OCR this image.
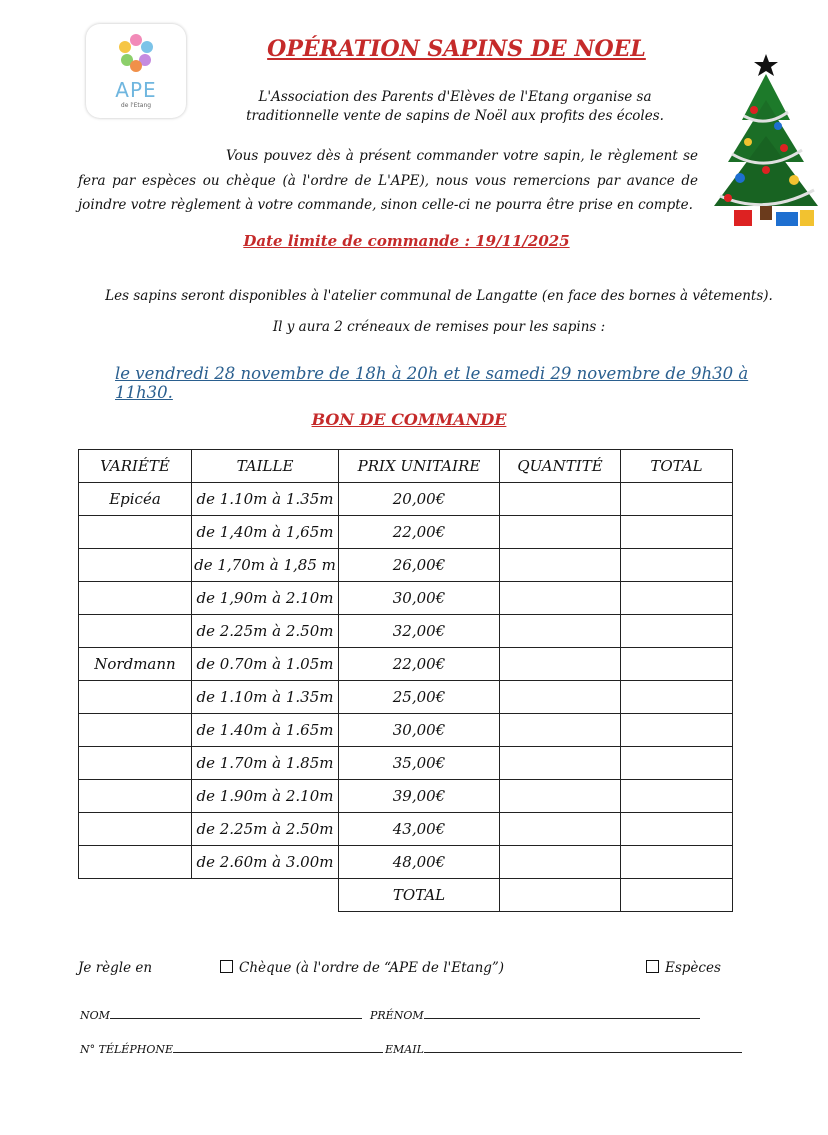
APE
de l'Etang
OPÉRATION SAPINS DE NOEL
L'Association des Parents d'Elèves de l'Etang organise sa traditionnelle vente de sapins de Noël aux profits des écoles.
Vous pouvez dès à présent commander votre sapin, le règlement se fera par espèces ou chèque (à l'ordre de L'APE), nous vous remercions par avance de joindre votre règlement à votre commande, sinon celle-ci ne pourra être prise en compte.
Date limite de commande : 19/11/2025
Les sapins seront disponibles à l'atelier communal de Langatte (en face des bornes à vêtements).
Il y aura 2 créneaux de remises pour les sapins :
le vendredi 28 novembre de 18h à 20h et le samedi 29 novembre de 9h30 à 11h30.
BON DE COMMANDE
VARIÉTÉ	TAILLE	PRIX UNITAIRE	QUANTITÉ	TOTAL
Epicéa	de 1.10m à 1.35m	20,00€		
	de 1,40m à 1,65m	22,00€		
	de 1,70m à 1,85 m	26,00€		
	de 1,90m à 2.10m	30,00€		
	de 2.25m à 2.50m	32,00€		
Nordmann	de 0.70m à 1.05m	22,00€		
	de 1.10m à 1.35m	25,00€		
	de 1.40m à 1.65m	30,00€		
	de 1.70m à 1.85m	35,00€		
	de 1.90m à 2.10m	39,00€		
	de 2.25m à 2.50m	43,00€		
	de 2.60m à 3.00m	48,00€		
		TOTAL		
Je règle en	Chèque (à l'ordre de “APE de l'Etang”)	Espèces
NOM	PRÉNOM
N° TÉLÉPHONE	EMAIL
